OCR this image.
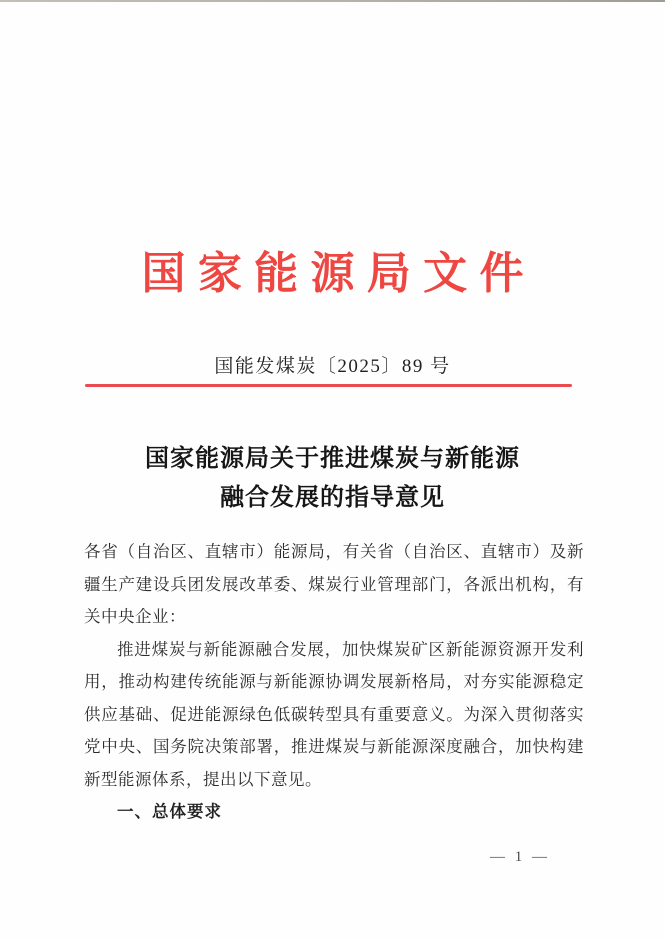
国家能源局文件
国能发煤炭〔2025〕89 号
国家能源局关于推进煤炭与新能源
融合发展的指导意见

各省（自治区、直辖市）能源局，有关省（自治区、直辖市）及新疆生产建设兵团发展改革委、煤炭行业管理部门，各派出机构，有关中央企业：

推进煤炭与新能源融合发展，加快煤炭矿区新能源资源开发利用，推动构建传统能源与新能源协调发展新格局，对夯实能源稳定供应基础、促进能源绿色低碳转型具有重要意义。为深入贯彻落实党中央、国务院决策部署，推进煤炭与新能源深度融合，加快构建新型能源体系，提出以下意见。

一、总体要求

— 1 —
